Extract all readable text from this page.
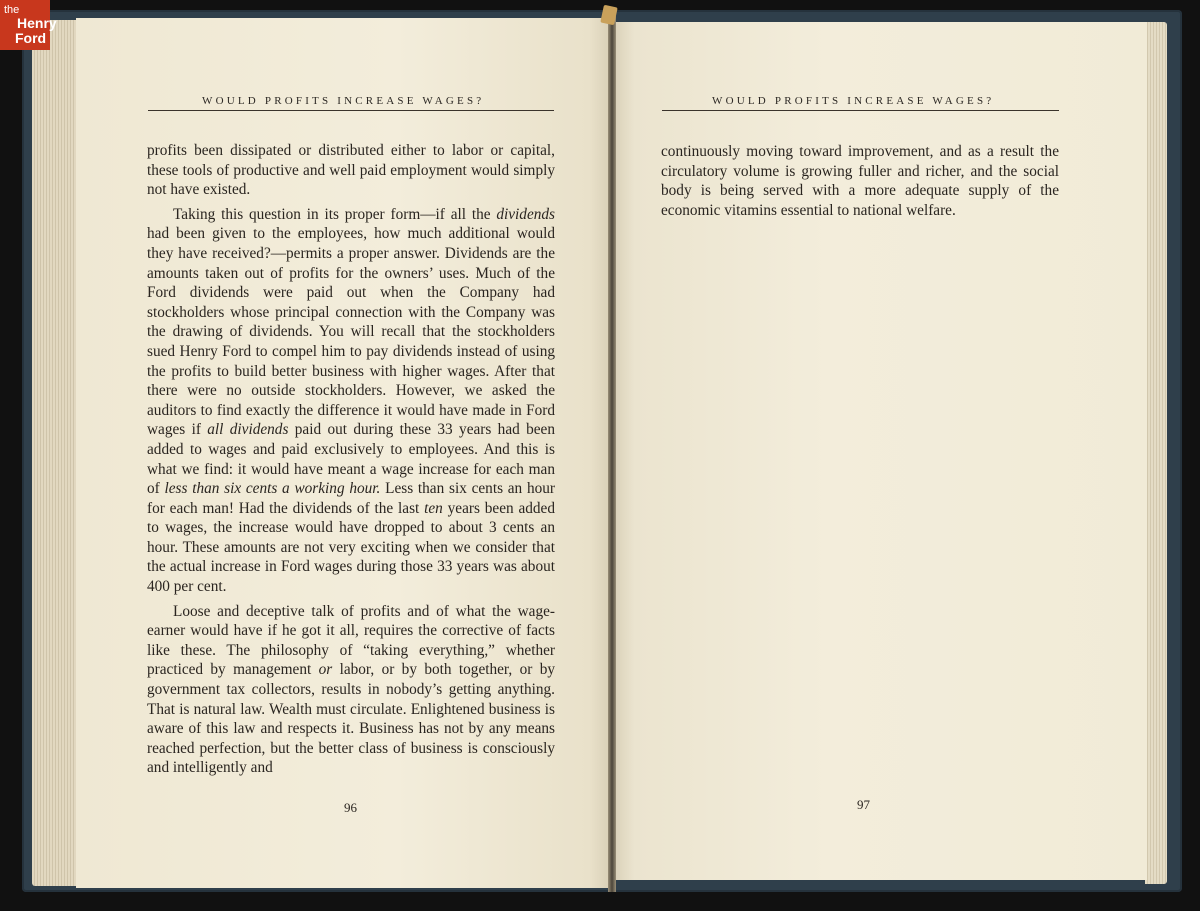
WOULD PROFITS INCREASE WAGES?	WOULD PROFITS INCREASE WAGES?

profits been dissipated or distributed either to labor or capital, these tools of productive and well paid employment would simply not have existed.

Taking this question in its proper form—if all the dividends had been given to the employees, how much additional would they have received?—permits a proper answer. Dividends are the amounts taken out of profits for the owners’ uses. Much of the Ford dividends were paid out when the Company had stockholders whose principal connection with the Company was the drawing of dividends. You will recall that the stockholders sued Henry Ford to compel him to pay dividends instead of using the profits to build better business with higher wages. After that there were no outside stockholders. However, we asked the auditors to find exactly the difference it would have made in Ford wages if all dividends paid out during these 33 years had been added to wages and paid exclusively to employees. And this is what we find: it would have meant a wage increase for each man of less than six cents a working hour. Less than six cents an hour for each man! Had the dividends of the last ten years been added to wages, the increase would have dropped to about 3 cents an hour. These amounts are not very exciting when we consider that the actual increase in Ford wages during those 33 years was about 400 per cent.

Loose and deceptive talk of profits and of what the wage-earner would have if he got it all, requires the corrective of facts like these. The philosophy of “taking everything,” whether practiced by management or labor, or by both together, or by government tax collectors, results in nobody’s getting anything. That is natural law. Wealth must circulate. Enlightened business is aware of this law and respects it. Business has not by any means reached perfection, but the better class of business is consciously and intelligently and

continuously moving toward improvement, and as a result the circulatory volume is growing fuller and richer, and the social body is being served with a more adequate supply of the economic vitamins essential to national welfare.

96	97
the
Henry
Ford
